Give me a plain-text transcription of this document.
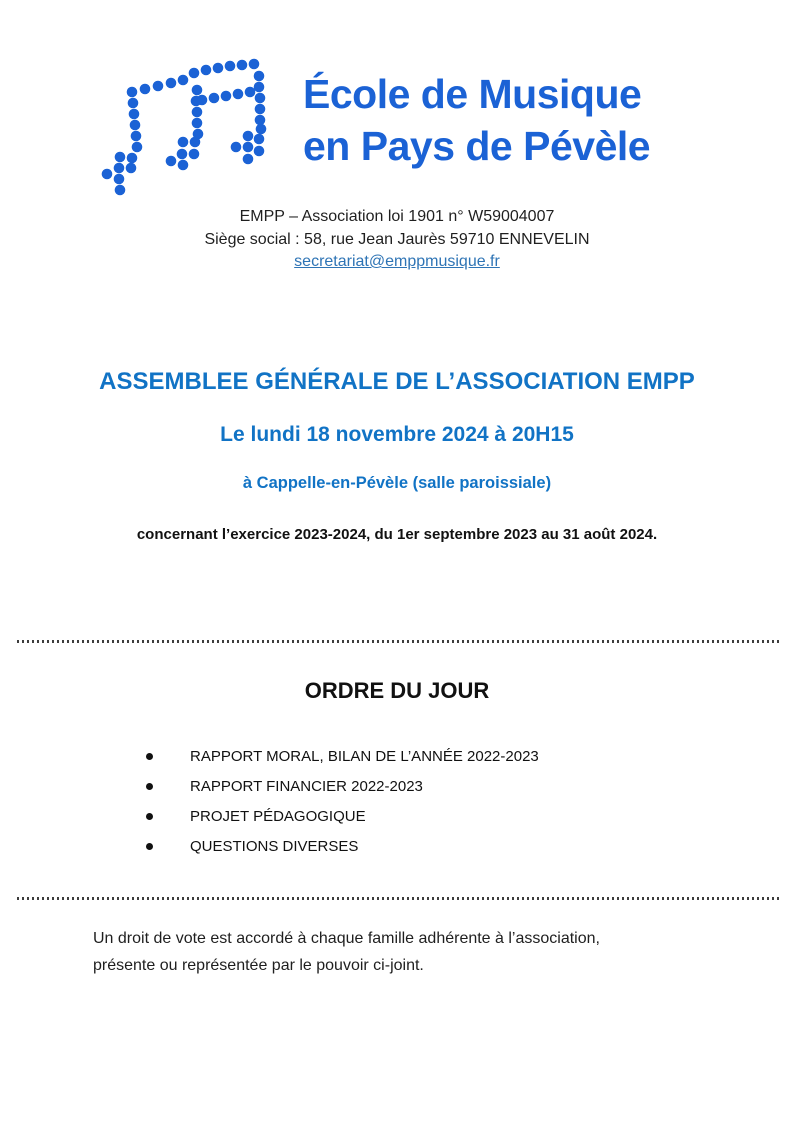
École de Musique
en Pays de Pévèle
EMPP – Association loi 1901 n° W59004007
Siège social : 58, rue Jean Jaurès 59710 ENNEVELIN
secretariat@emppmusique.fr
ASSEMBLEE GÉNÉRALE DE L’ASSOCIATION EMPP
Le lundi 18 novembre 2024 à 20H15
à Cappelle-en-Pévèle (salle paroissiale)
concernant l’exercice 2023-2024, du 1er septembre 2023 au 31 août 2024.
ORDRE DU JOUR
RAPPORT MORAL, BILAN DE L’ANNÉE 2022-2023
RAPPORT FINANCIER 2022-2023
PROJET PÉDAGOGIQUE
QUESTIONS DIVERSES
Un droit de vote est accordé à chaque famille adhérente à l’association,
présente ou représentée par le pouvoir ci-joint.
